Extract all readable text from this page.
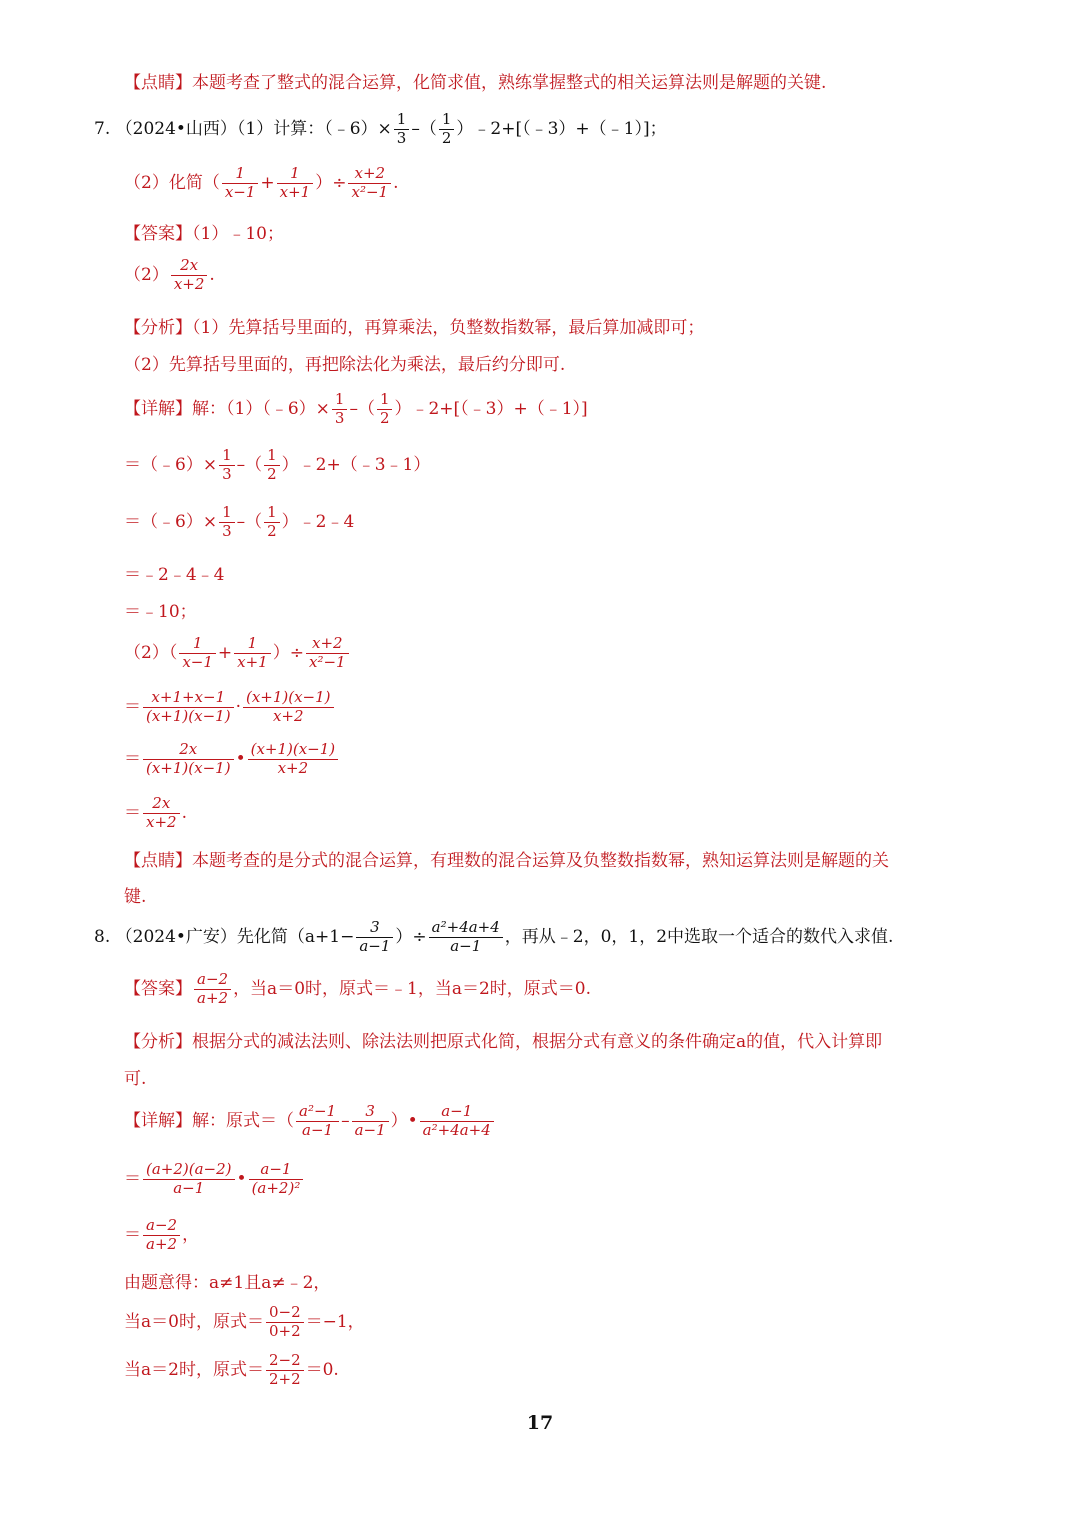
【点睛】本题考查了整式的混合运算，化简求值，熟练掌握整式的相关运算法则是解题的关键.
7. （2024•山西）（1）计算：（﹣6）× $\frac{1}{3}$ –（ $\frac{1}{2}$ ）﹣2+[（﹣3）+（﹣1）]；
（2）化简（ $\frac{1}{x-1} + \frac{1}{x+1}$ ）÷ $\frac{x+2}{\text{x²−1}}$ .
【答案】（1）﹣10；
$(2) \frac{2x}{x+2}$ .
【分析】（1）先算括号里面的，再算乘法，负整数指数幂，最后算加减即可；
（2）先算括号里面的，再把除法化为乘法，最后约分即可.
【详解】解：（1）（﹣6）× $\frac{1}{3}$ –（ $\frac{1}{2}$ ）﹣2+[（﹣3）+（﹣1）]
＝（﹣6）× $\frac{1}{3}$ –（ $\frac{1}{2}$ ）﹣2+（﹣3﹣1）
＝（﹣6）× $\frac{1}{3}$ –（ $\frac{1}{2}$ ）﹣2﹣4
＝﹣2﹣4﹣4
＝﹣10；
$(2)( \frac{1}{x-1} + \frac{1}{x+1}$ ）÷ $\frac{x+2}{\text{x²−1}}$
＝ $\frac{x+1+x-1}{(x+1)(x-1)} \cdot \frac{(x+1)(x-1)}{x+2}$
＝ $\frac{2x}{(x+1)(x-1)}$ • $\frac{(x+1)(x-1)}{x+2}$
＝ $\frac{2x}{x+2}$ .
【点睛】本题考查的是分式的混合运算，有理数的混合运算及负整数指数幂，熟知运算法则是解题的关
键.
8. （2024•广安）先化简（$a+1- \frac{3}{a-1}$ ）÷ $\frac{\text{a²+4a+4}}{a-1}$ ，再从﹣2，0，1，2中选取一个适合的数代入求值.
【答案】 $\frac{a-2}{a+2}$ ，当a＝0时，原式＝﹣1，当a＝2时，原式＝0.
【分析】根据分式的减法法则、除法法则把原式化简，根据分式有意义的条件确定a的值，代入计算即
可.
【详解】解：原式＝（ $\frac{\text{a²−1}}{a-1} - \frac{3}{a-1}$ ）• $\frac{a-1}{\text{a²+4a+4}}$
＝ $\frac{(a+2)(a-2)}{a-1}$ • $\frac{a-1}{\text{(a+2)²}}$
＝ $\frac{a-2}{a+2}$ ，
由题意得：a≠1且a≠﹣2，
当a＝0时，原式＝ $\frac{0-2}{0+2} =-1$，
当a＝2时，原式＝ $\frac{2-2}{2+2} =0$.
17
